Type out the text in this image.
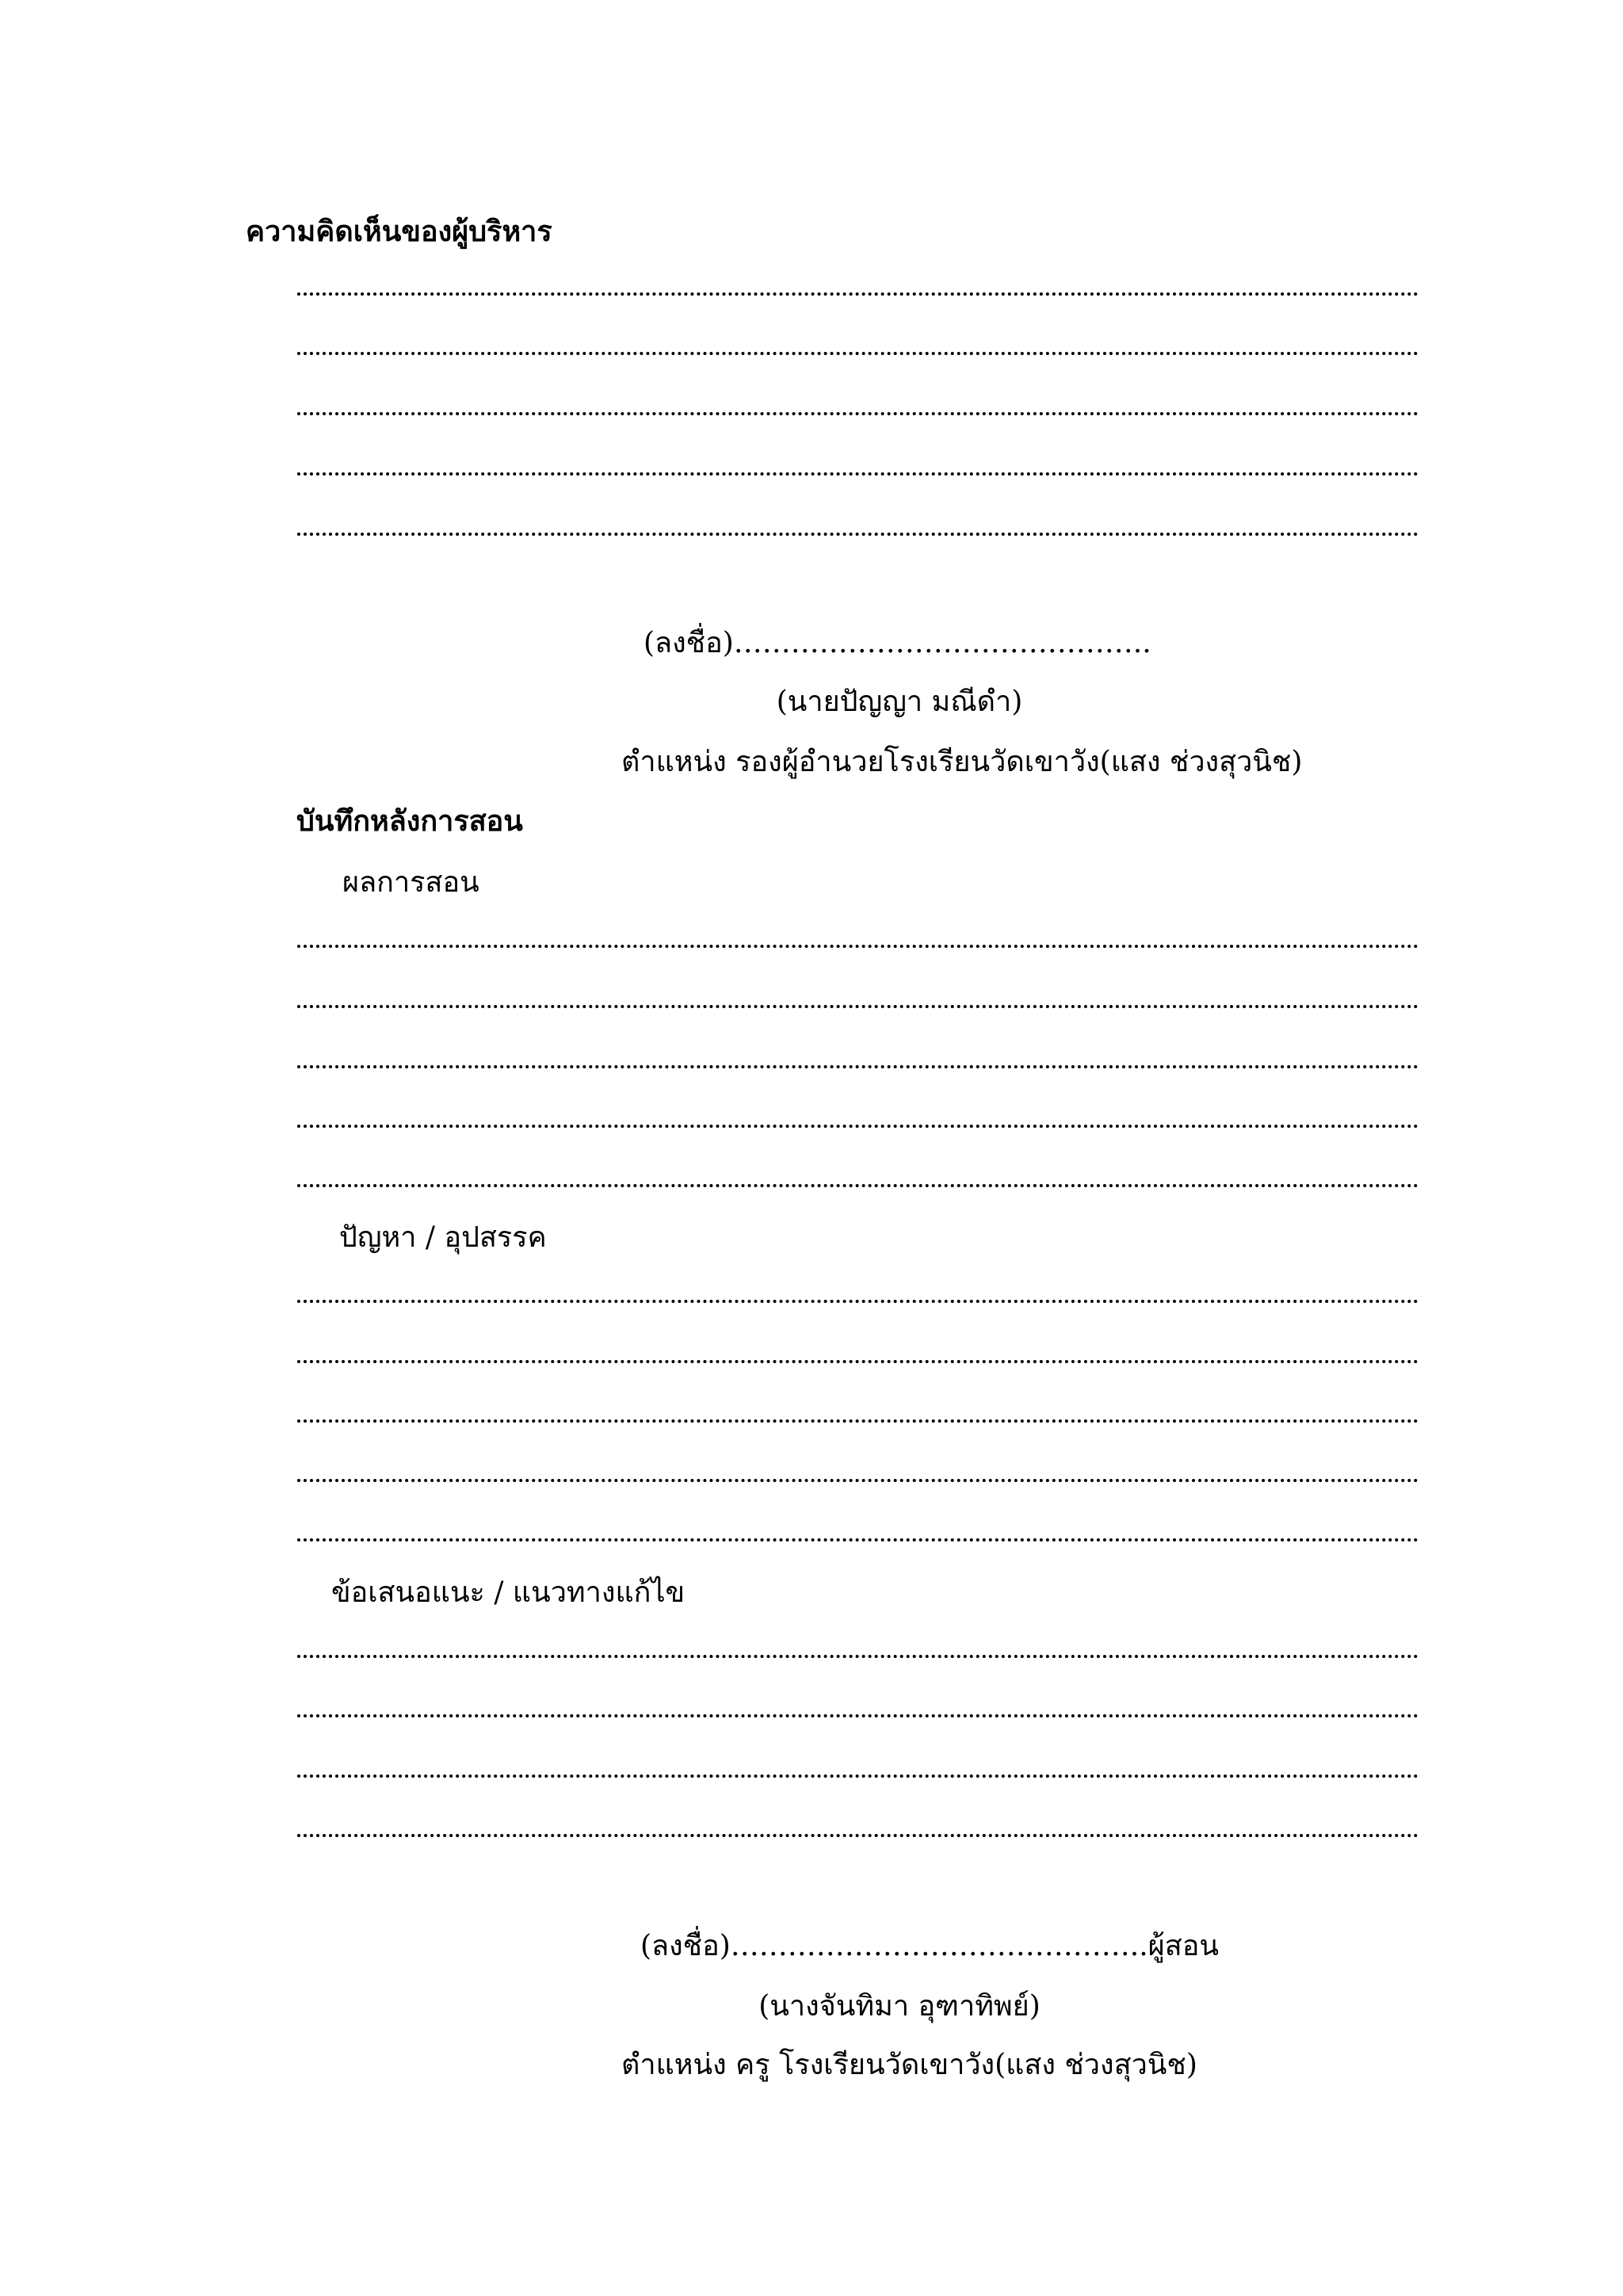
ความคิดเห็นของผู้บริหาร
(ลงชื่อ)……………………………………..
(นายปัญญา มณีดำ)
ตำแหน่ง รองผู้อำนวยโรงเรียนวัดเขาวัง(แสง ช่วงสุวนิช)
บันทึกหลังการสอน
ผลการสอน
ปัญหา / อุปสรรค
ข้อเสนอแนะ / แนวทางแก้ไข
(ลงชื่อ)……………………………………..ผู้สอน
(นางจันทิมา อุฑาทิพย์)
ตำแหน่ง ครู โรงเรียนวัดเขาวัง(แสง ช่วงสุวนิช)
